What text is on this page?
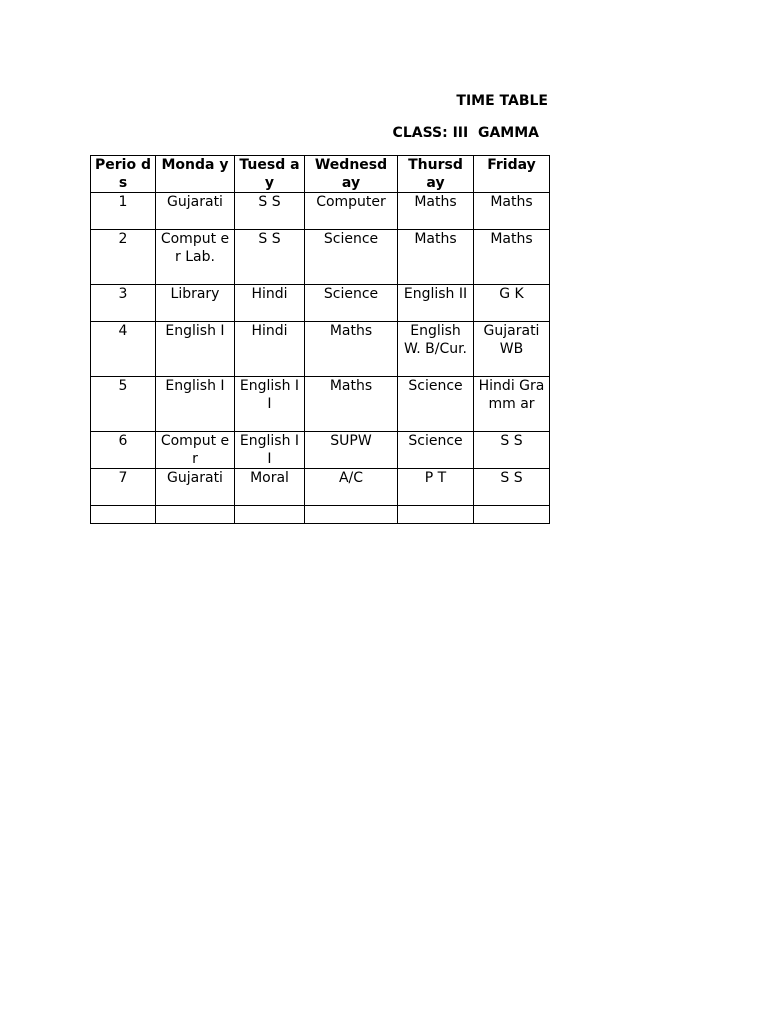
TIME TABLE
CLASS: III  GAMMA
Perio ds	Monda y	Tuesd ay	Wednesd ay	Thursd ay	Friday
1	Gujarati	S S	Computer	Maths	Maths
2	Comput er Lab.	S S	Science	Maths	Maths
3	Library	Hindi	Science	English II	G K
4	English I	Hindi	Maths	English W. B/Cur.	Gujarati WB
5	English I	English II	Maths	Science	Hindi Gramm ar
6	Comput er	English II	SUPW	Science	S S
7	Gujarati	Moral	A/C	P T	S S
